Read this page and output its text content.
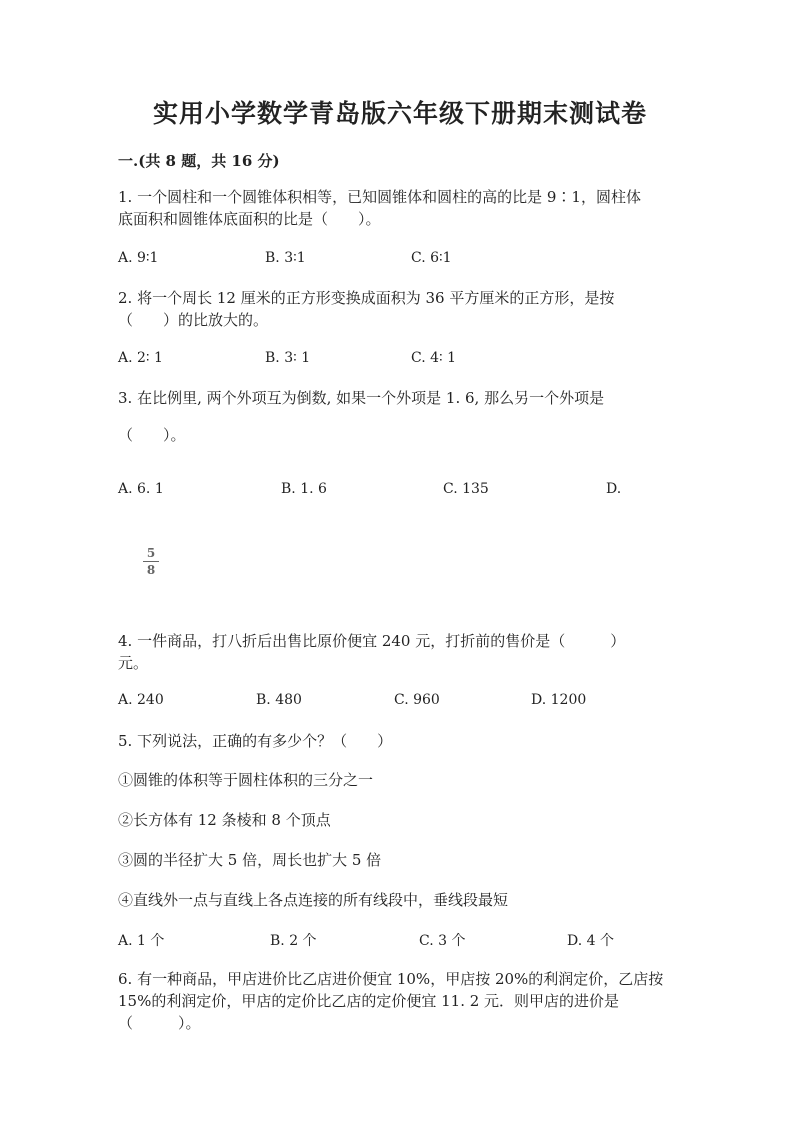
实用小学数学青岛版六年级下册期末测试卷
一.(共 8 题，共 16 分)
1. 一个圆柱和一个圆锥体积相等，已知圆锥体和圆柱的高的比是 9∶1，圆柱体
底面积和圆锥体底面积的比是（　　）。
A. 9∶1	B. 3∶1	C. 6∶1
2. 将一个周长 12 厘米的正方形变换成面积为 36 平方厘米的正方形，是按
（　　）的比放大的。
A. 2∶ 1	B. 3∶ 1	C. 4∶ 1
3. 在比例里, 两个外项互为倒数, 如果一个外项是 1. 6, 那么另一个外项是
（　　）。
A. 6. 1	B. 1. 6	C. 135	D.
5
8
4. 一件商品，打八折后出售比原价便宜 240 元，打折前的售价是（　　　）
元。
A. 240	B. 480	C. 960	D. 1200
5. 下列说法，正确的有多少个？（　　）
①圆锥的体积等于圆柱体积的三分之一
②长方体有 12 条棱和 8 个顶点
③圆的半径扩大 5 倍，周长也扩大 5 倍
④直线外一点与直线上各点连接的所有线段中，垂线段最短
A. 1 个	B. 2 个	C. 3 个	D. 4 个
6. 有一种商品，甲店进价比乙店进价便宜 10%，甲店按 20%的利润定价，乙店按
15%的利润定价，甲店的定价比乙店的定价便宜 11. 2 元．则甲店的进价是
（　　　）。
